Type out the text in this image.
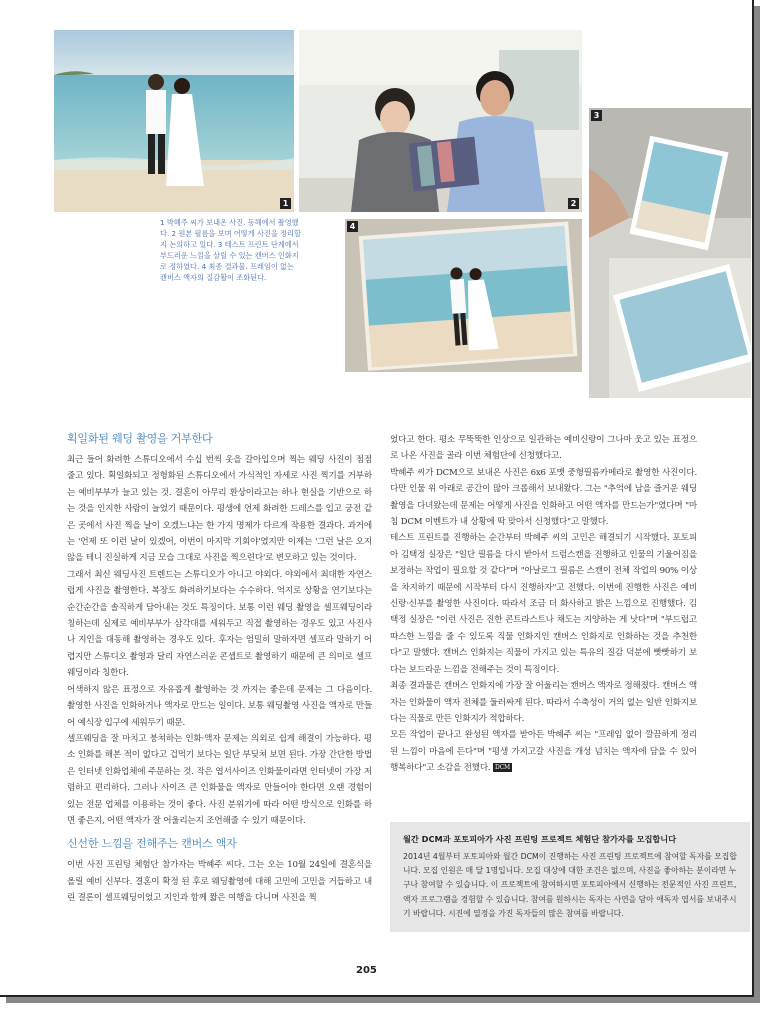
1	2
3
4
1 박혜주 씨가 보내온 사진. 동해에서 촬영했다. 2 원본 필름을 보며 어떻게 사진을 정리할지 논의하고 있다. 3 테스트 프린트 단계에서 부드러운 느낌을 살릴 수 있는 캔버스 인화지로 정하였다. 4 최종 결과물. 프레임이 없는 캔버스 액자의 질감활이 조화된다.

획일화된 웨딩 촬영을 거부한다

최근 들어 화려한 스튜디오에서 수십 번씩 옷을 갈아입으며 찍는 웨딩 사진이 점점 줄고 있다. 획일화되고 정형화된 스튜디오에서 가식적인 자세로 사진 찍기를 거부하는 예비부부가 늘고 있는 것. 결혼이 아무리 환상이라고는 하나 현실을 기반으로 하는 것을 인지한 사람이 늘었기 때문이다. 평생에 언제 화려한 드레스를 입고 궁전 같은 곳에서 사진 찍을 날이 오겠느냐는 한 가지 명제가 다르게 작용한 결과다. 과거에는 '언제 또 이런 날이 있겠어, 이번이 마지막 기회야'였지만 이제는 '그런 날은 오지 않을 테니 진실하게 지금 모습 그대로 사진을 찍으련다'로 변모하고 있는 것이다.

그래서 최신 웨딩사진 트렌드는 스튜디오가 아니고 야외다. 야외에서 최대한 자연스럽게 사진을 촬영한다. 복장도 화려하기보다는 수수하다. 억지로 상황을 연기보다는 순간순간을 솔직하게 담아내는 것도 특징이다. 보통 이런 웨딩 촬영을 셀프웨딩이라 칭하는데 실제로 예비부부가 삼각대를 세워두고 직접 촬영하는 경우도 있고 사진사나 지인을 대동해 촬영하는 경우도 있다. 후자는 엄밀히 말하자면 셀프라 말하기 어렵지만 스튜디오 촬영과 달리 자연스러운 콘셉트로 촬영하기 때문에 큰 의미로 셀프웨딩이라 칭한다.

어색하지 않은 표정으로 자유롭게 촬영하는 것 까지는 좋은데 문제는 그 다음이다. 촬영한 사진을 인화하거나 액자로 만드는 일이다. 보통 웨딩촬영 사진을 액자로 만들어 예식장 입구에 세워두기 때문.

셀프웨딩을 잘 마치고 붕쳐하는 인화·액자 문제는 의외로 쉽게 해결이 가능하다. 평소 인화를 해본 적이 없다고 겁먹기 보다는 일단 부딪쳐 보면 된다. 가장 간단한 방법은 인터넷 인화업체에 주문하는 것. 작은 엽서사이즈 인화물이라면 인터넷이 가장 저렴하고 편리하다. 그러나 사이즈 큰 인화물을 액자로 만들어야 한다면 오랜 경험이 있는 전문 업체를 이용하는 것이 좋다. 사진 분위기에 따라 어떤 방식으로 인화를 하면 좋은지, 어떤 액자가 잘 어울리는지 조언해줄 수 있기 때문이다.

신선한 느낌을 전해주는 캔버스 액자

이번 사진 프린팅 체험단 참가자는 박혜주 씨다. 그는 오는 10월 24일에 결혼식을 올릴 예비 신부다. 결혼이 확정 된 후로 웨딩촬영에 대해 고민에 고민을 거듭하고 내린 결론이 셀프웨딩이었고 지인과 함께 짧은 여행을 다니며 사진을 찍

었다고 한다. 평소 무뚝뚝한 인상으로 일관하는 예비신랑이 그나마 웃고 있는 표정으로 나온 사진을 골라 이번 체험단에 신청했다고.

박혜주 씨가 DCM으로 보내온 사진은 6x6 포맷 중형필름카메라로 촬영한 사진이다. 다만 인물 위 아래로 공간이 많아 크롭해서 보내왔다. 그는 "추억에 남을 즐거운 웨딩촬영을 다녀왔는데 문제는 어떻게 사진을 인화하고 어떤 액자를 만드는가"였다며 "마침 DCM 이벤트가 내 상황에 딱 맞아서 신청했다"고 말했다.

테스트 프린트를 진행하는 순간부터 박혜주 씨의 고민은 해결되기 시작했다. 포토피아 김택정 실장은 "일단 필름을 다시 받아서 드럼스캔을 진행하고 인물의 기울어짐을 보정하는 작업이 필요할 것 같다"며 "아날로그 필름은 스캔이 전체 작업의 90% 이상을 차지하기 때문에 시작부터 다시 진행하자"고 전했다. 이번에 진행한 사진은 예비 신랑·신부를 촬영한 사진이다. 따라서 조금 더 화사하고 밝은 느낌으로 진행했다. 김택정 실장은 "이런 사진은 진한 콘트라스트나 채도는 지양하는 게 낫다"며 "부드럽고 따스한 느낌을 줄 수 있도록 직물 인화지인 캔버스 인화지로 인화하는 것을 추천한다"고 말했다. 캔버스 인화지는 직물이 가지고 있는 특유의 질감 덕분에 빳빳하기 보다는 보드라운 느낌을 전해주는 것이 특징이다.

최종 결과물은 캔버스 인화지에 가장 잘 어울리는 캔버스 액자로 정해졌다. 캔버스 액자는 인화물이 액자 전체를 둘러싸게 된다. 따라서 수축성이 거의 없는 일반 인화지보다는 직물로 만든 인화지가 적합하다.

모든 작업이 끝나고 완성된 액자를 받아든 박혜주 씨는 "프레임 없이 깔끔하게 정리된 느낌이 마음에 든다"며 "평생 가지고갈 사진을 개성 넘치는 액자에 담을 수 있어 행복하다"고 소감을 전했다. DCM

월간 DCM과 포토피아가 사진 프린팅 프로젝트 체험단 참가자를 모집합니다
2014년 4월부터 포토피아와 월간 DCM이 진행하는 사진 프린팅 프로젝트에 참여할 독자를 모집합니다. 모집 인원은 매 달 1명입니다. 모집 대상에 대한 조건은 없으며, 사진을 좋아하는 분이라면 누구나 참여할 수 있습니다. 이 프로젝트에 참여하시면 포토피아에서 신행하는 전문적인 사진 프린트, 액자 프로그램을 경험할 수 있습니다. 참여를 원하시는 독자는 사연을 담아 애독자 엽서를 보내주시기 바랍니다. 시진에 열정을 가진 독자들의 많은 참여를 바랍니다.
205
